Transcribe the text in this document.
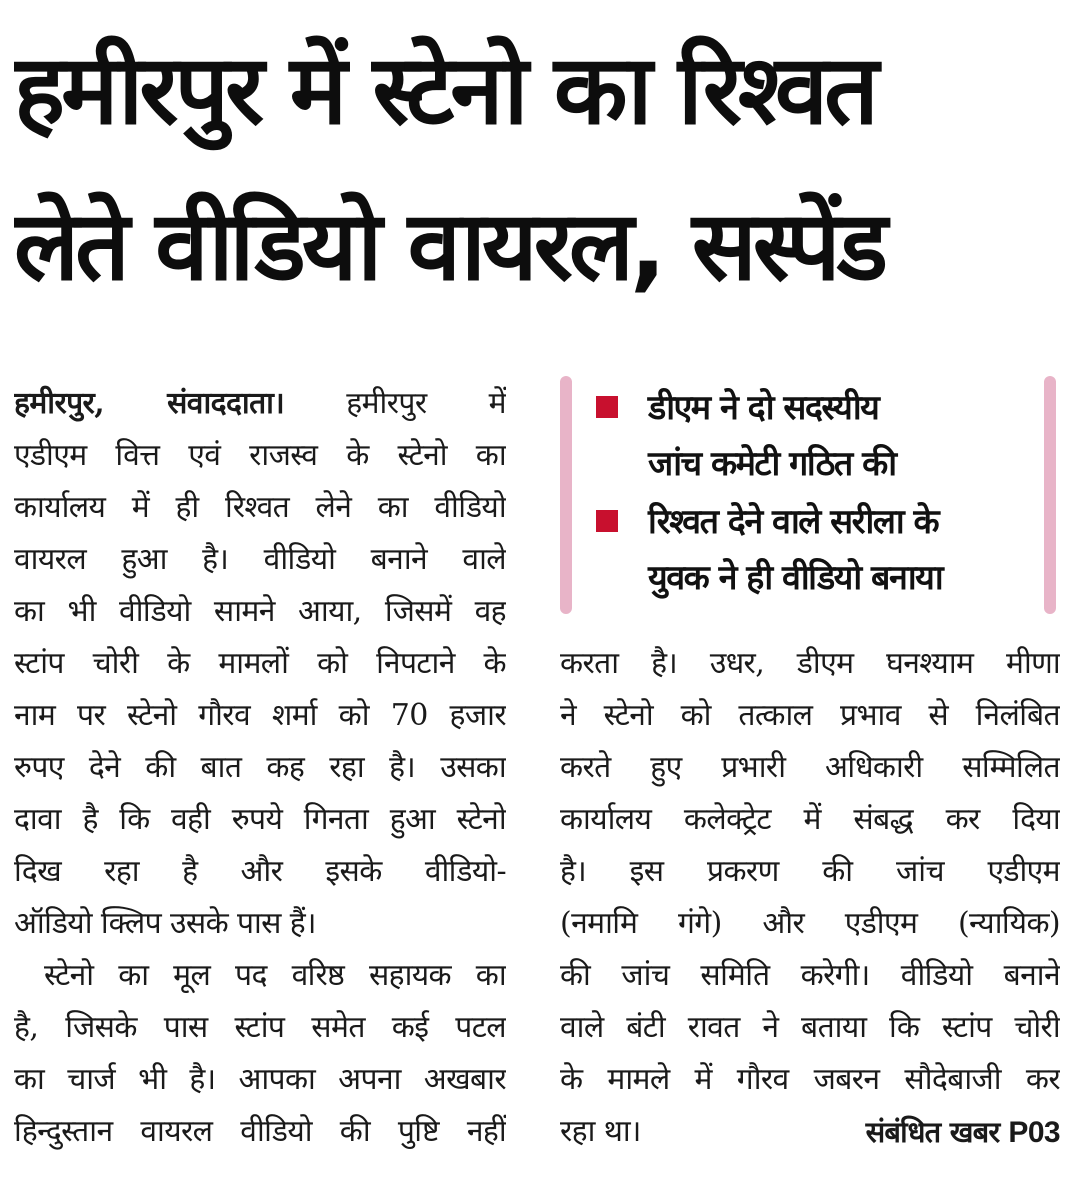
हमीरपुर में स्टेनो का रिश्वत
लेते वीडियो वायरल, सस्पेंड
हमीरपुर, संवाददाता। हमीरपुर में
एडीएम वित्त एवं राजस्व के स्टेनो का
कार्यालय में ही रिश्वत लेने का वीडियो
वायरल हुआ है। वीडियो बनाने वाले
का भी वीडियो सामने आया, जिसमें वह
स्टांप चोरी के मामलों को निपटाने के
नाम पर स्टेनो गौरव शर्मा को 70 हजार
रुपए देने की बात कह रहा है। उसका
दावा है कि वही रुपये गिनता हुआ स्टेनो
दिख रहा है और इसके वीडियो-
ऑडियो क्लिप उसके पास हैं।
स्टेनो का मूल पद वरिष्ठ सहायक का
है, जिसके पास स्टांप समेत कई पटल
का चार्ज भी है। आपका अपना अखबार
हिन्दुस्तान वायरल वीडियो की पुष्टि नहीं
डीएम ने दो सदस्यीय
जांच कमेटी गठित की
रिश्वत देने वाले सरीला के
युवक ने ही वीडियो बनाया
करता है। उधर, डीएम घनश्याम मीणा
ने स्टेनो को तत्काल प्रभाव से निलंबित
करते हुए प्रभारी अधिकारी सम्मिलित
कार्यालय कलेक्ट्रेट में संबद्ध कर दिया
है। इस प्रकरण की जांच एडीएम
(नमामि गंगे) और एडीएम (न्यायिक)
की जांच समिति करेगी। वीडियो बनाने
वाले बंटी रावत ने बताया कि स्टांप चोरी
के मामले में गौरव जबरन सौदेबाजी कर
रहा था।	संबंधित खबर P03
